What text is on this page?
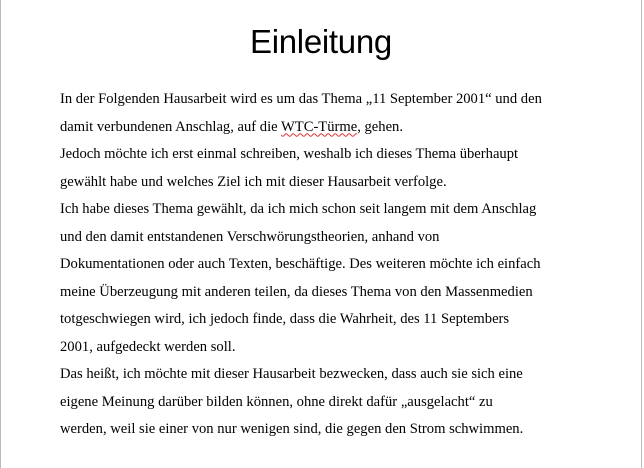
Einleitung
In der Folgenden Hausarbeit wird es um das Thema „11 September 2001“ und den
damit verbundenen Anschlag, auf die WTC-Türme, gehen.
Jedoch möchte ich erst einmal schreiben, weshalb ich dieses Thema überhaupt
gewählt habe und welches Ziel ich mit dieser Hausarbeit verfolge.
Ich habe dieses Thema gewählt, da ich mich schon seit langem mit dem Anschlag
und den damit entstandenen Verschwörungstheorien, anhand von
Dokumentationen oder auch Texten, beschäftige. Des weiteren möchte ich einfach
meine Überzeugung mit anderen teilen, da dieses Thema von den Massenmedien
totgeschwiegen wird, ich jedoch finde, dass die Wahrheit, des 11 Septembers
2001, aufgedeckt werden soll.
Das heißt, ich möchte mit dieser Hausarbeit bezwecken, dass auch sie sich eine
eigene Meinung darüber bilden können, ohne direkt dafür „ausgelacht“ zu
werden, weil sie einer von nur wenigen sind, die gegen den Strom schwimmen.
